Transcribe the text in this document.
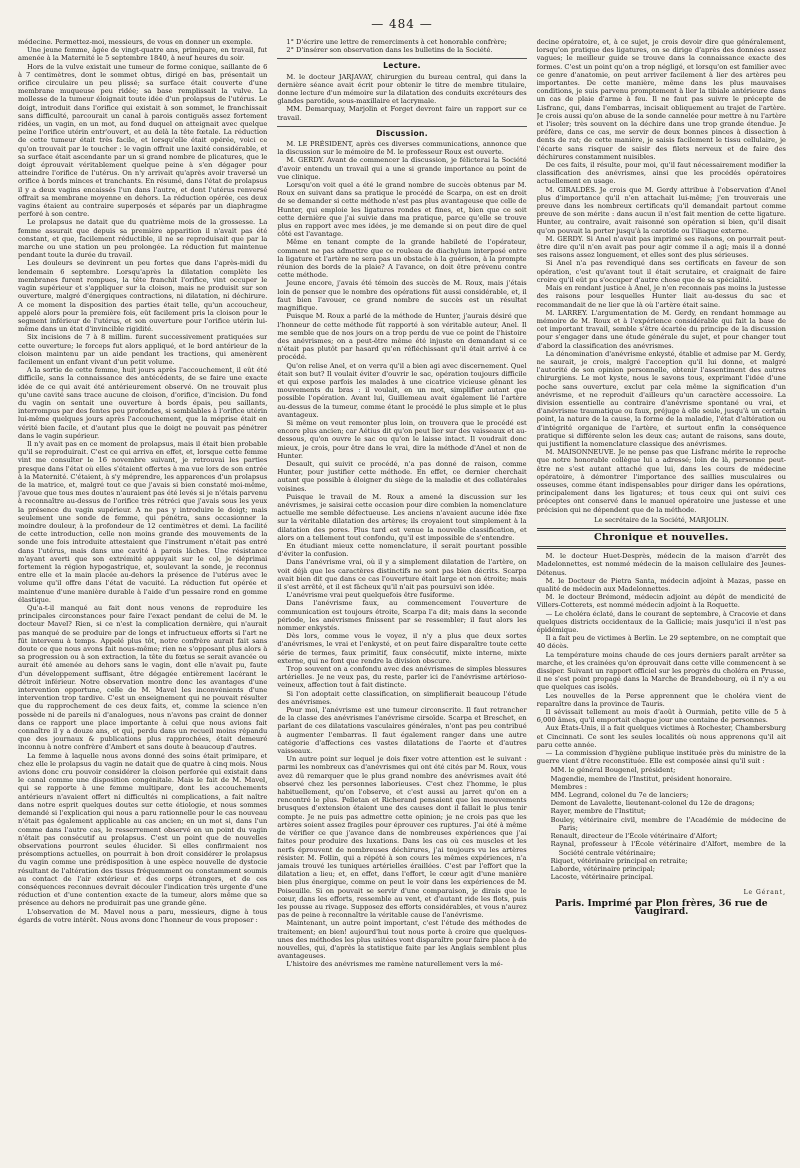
— 484 —

médecine. Permettez-moi, messieurs, de vous en donner un exemple.

Une jeune femme, âgée de vingt-quatre ans, primipare, en travail, fut amenée à la Maternité le 5 septembre 1840, à neuf heures du soir.

Hors de la vulve existait une tumeur de forme conique, saillante de 6 à 7 centimètres, dont le sommet obtus, dirigé en bas, présentait un orifice circulaire un peu plissé; sa surface était couverte d'une membrane muqueuse peu ridée; sa base remplissait la vulve. La mollesse de la tumeur éloignait toute idée d'un prolapsus de l'utérus. Le doigt, introduit dans l'orifice qui existait à son sommet, le franchissait sans difficulté, parcourait un canal à parois contiguës assez fortement ridées, un vagin, en un mot, au fond duquel on atteignait avec quelque peine l'orifice utérin entr'ouvert, et au delà la tête fœtale. La réduction de cette tumeur était très facile, et lorsqu'elle était opérée, voici ce qu'on trouvait par le toucher : le vagin offrait une laxité considérable, et sa surface était ascendante par un si grand nombre de plicatures, que le doigt éprouvait véritablement quelque peine à s'en dégager pour atteindre l'orifice de l'utérus. On n'y arrivait qu'après avoir traversé un orifice à bords minces et tranchants. En résumé, dans l'état de prolapsus il y a deux vagins encaissés l'un dans l'autre, et dont l'utérus renversé offrait sa membrane moyenne en dehors. La réduction opérée, ces deux vagins étaient au contraire superposés et séparés par un diaphragme perforé à son centre.

Le prolapsus ne datait que du quatrième mois de la grossesse. La femme assurait que depuis sa première apparition il n'avait pas été constant, et que, facilement réductible, il ne se reproduisait que par la marche ou une station un peu prolongée. La réduction fut maintenue pendant toute la durée du travail.

Les douleurs se devinrent un peu fortes que dans l'après-midi du lendemain 6 septembre. Lorsqu'après la dilatation complète les membranes furent rompues, la tête franchit l'orifice, vint occuper le vagin supérieur et s'appliquer sur la cloison, mais ne produisit sur son ouverture, malgré d'énergiques contractions, ni dilatation, ni déchirure. A ce moment la disposition des parties était telle, qu'un accoucheur, appelé alors pour la première fois, eût facilement pris la cloison pour le segment inférieur de l'utérus, et son ouverture pour l'orifice utérin lui-même dans un état d'invincible rigidité.

Six incisions de 7 à 8 millim. furent successivement pratiquées sur cette ouverture; le forceps fut alors appliqué, et le bord antérieur de la cloison maintenu par un aide pendant les tractions, qui amenèrent facilement un enfant vivant d'un petit volume.

A la sortie de cette femme, huit jours après l'accouchement, il eût été difficile, sans la connaissance des antécédents, de se faire une exacte idée de ce qui avait été antérieurement observé. On ne trouvait plus qu'une cavité sans trace aucune de cloison, d'orifice, d'incision. Du fond du vagin on sentait une ouverture à bords épais, peu saillants, interrompus par des fentes peu profondes, si semblables à l'orifice utérin lui-même quelques jours après l'accouchement, que la méprise était en vérité bien facile, et d'autant plus que le doigt ne pouvait pas pénétrer dans le vagin supérieur.

Il n'y avait pas en ce moment de prolapsus, mais il était bien probable qu'il se reproduirait. C'est ce qui arriva en effet, et, lorsque cette femme vint me consulter le 16 novembre suivant, je retrouvai les parties presque dans l'état où elles s'étaient offertes à ma vue lors de son entrée à la Maternité. C'étaient, à s'y méprendre, les apparences d'un prolapsus de la matrice, et, malgré tout ce que j'avais si bien constaté moi-même, j'avoue que tous mes doutes n'auraient pas été levés si je n'étais parvenu à reconnaître au-dessus de l'orifice très rétréci que j'avais sous les yeux la présence du vagin supérieur. A ne pas y introduire le doigt; mais seulement une sonde de femme, qui pénétra, sans occasionner la moindre douleur, à la profondeur de 12 centimètres et demi. La facilité de cette introduction, celle non moins grande des mouvements de la sonde une fois introduite attestaient que l'instrument n'était pas entré dans l'utérus, mais dans une cavité à parois lâches. Une résistance m'ayant averti que son extrémité appuyait sur le col, je déprimai fortement la région hypogastrique, et, soulevant la sonde, je reconnus entre elle et la main placée au-dehors la présence de l'utérus avec le volume qu'il offre dans l'état de vacuité. La réduction fut opérée et maintenue d'une manière durable à l'aide d'un pessaire rond en gomme élastique.

Qu'a-t-il manqué au fait dont nous venons de reproduire les principales circonstances pour faire l'exact pendant de celui de M. le docteur Mavel? Rien, si ce n'est la complication dernière, qui n'aurait pas manqué de se produire par de longs et infructueux efforts si l'art ne fût intervenu à temps. Appelé plus tôt, notre confrère aurait fait sans doute ce que nous avons fait nous-même; rien ne s'opposant plus alors à sa progression ou à son extraction, la tête du fœtus se serait avancée ou aurait été amenée au dehors sans le vagin, dont elle n'avait pu, faute d'un développement suffisant, être dégagée entièrement lacérant le détroit inférieur. Notre observation montre donc les avantages d'une intervention opportune, celle de M. Mavel les inconvénients d'une intervention trop tardive. C'est un enseignement qui ne pouvait résulter que du rapprochement de ces deux faits, et, comme la science n'en possède ni de pareils ni d'analogues, nous n'avons pas craint de donner dans ce rapport une place importante à celui que nous avions fait connaître il y a douze ans, et qui, perdu dans un recueil moins répandu que des journaux & publications plus rapprochées, était demeuré inconnu à notre confrère d'Ambert et sans doute à beaucoup d'autres.

La femme à laquelle nous avons donné des soins était primipare, et chez elle le prolapsus du vagin ne datait que de quatre à cinq mois. Nous avions donc cru pouvoir considérer la cloison perforée qui existait dans le canal comme une disposition congénitale. Mais le fait de M. Mavel, qui se rapporte à une femme multipare, dont les accouchements antérieurs n'avaient offert ni difficultés ni complications, a fait naître dans notre esprit quelques doutes sur cette étiologie, et nous sommes demandé si l'explication qui nous a paru rationnelle pour le cas nouveau n'était pas également applicable au cas ancien; en un mot si, dans l'un comme dans l'autre cas, le resserrement observé en un point du vagin n'était pas consécutif au prolapsus. C'est un point que de nouvelles observations pourront seules élucider. Si elles confirmaient nos présomptions actuelles, on pourrait à bon droit considérer le prolapsus du vagin comme une prédisposition à une espèce nouvelle de dystocie résultant de l'altération des tissus fréquemment ou constamment soumis au contact de l'air extérieur et des corps étrangers, et de ces conséquences reconnues devrait découler l'indication très urgente d'une réduction et d'une contention exacte de la tumeur, alors même que sa présence au dehors ne produirait pas une grande gêne.

L'observation de M. Mavel nous a paru, messieurs, digne à tous égards de votre intérêt. Nous avons donc l'honneur de vous proposer :

1° D'écrire une lettre de remerciments à cet honorable confrère;

2° D'insérer son observation dans les bulletins de la Société.

Lecture.

M. le docteur JARJAVAY, chirurgien du bureau central, qui dans la dernière séance avait écrit pour obtenir le titre de membre titulaire, donne lecture d'un mémoire sur la dilatation des conduits excréteurs des glandes parotide, sous-maxillaire et lacrymale.

MM. Demarquay, Marjolin et Forget devront faire un rapport sur ce travail.

Discussion.

M. LE PRÉSIDENT, après ces diverses communications, annonce que la discussion sur le mémoire de M. le professeur Roux est ouverte.

M. GERDY. Avant de commencer la discussion, je félicterai la Société d'avoir entendu un travail qui a une si grande importance au point de vue clinique.

Lorsqu'on voit quel a été le grand nombre de succès obtenus par M. Roux en suivant dans sa pratique le procédé de Scarpa, on est en droit de se demander si cette méthode n'est pas plus avantageuse que celle de Hunter, qui emploie les ligatures rondes et fines, et, bien que ce soit cette dernière que j'ai suivie dans ma pratique, parce qu'elle se trouve plus en rapport avec mes idées, je me demande si on peut dire de quel côté est l'avantage.

Même en tenant compte de la grande habileté de l'opérateur, comment ne pas admettre que ce rouleau de diachylum interposé entre la ligature et l'artère ne sera pas un obstacle à la guérison, à la prompte réunion des bords de la plaie? A l'avance, on doit être prévenu contre cette méthode.

Jeune encore, j'avais été témoin des succès de M. Roux, mais j'étais loin de penser que le nombre des opérations fût aussi considérable, et, il faut bien l'avouer, ce grand nombre de succès est un résultat magnifique.

Puisque M. Roux a parlé de la méthode de Hunter, j'aurais désiré que l'honneur de cette méthode fût rapporté à son véritable auteur, Anel. Il me semble que de nos jours on a trop perdu de vue ce point de l'histoire des anévrismes; on a peut-être même été injuste en demandant si ce n'était pas plutôt par hasard qu'en réfléchissant qu'il était arrivé à ce procédé.

Qu'on relise Anel, et on verra qu'il a bien agi avec discernement. Quel était son but? Il voulait éviter d'ouvrir le sac, opération toujours difficile et qui expose parfois les malades à une cicatrice vicieuse gênant les mouvements du bras : il voulait, en un mot, simplifier autant que possible l'opération. Avant lui, Guillemeau avait également lié l'artère au-dessus de la tumeur, comme étant le procédé le plus simple et le plus avantageux.

Si même on veut remonter plus loin, on trouvera que le procédé est encore plus ancien; car Aétius dit qu'on peut lier sur des vaisseaux et au-dessous, qu'on ouvre le sac ou qu'on le laisse intact. Il voudrait donc mieux, je crois, pour être dans le vrai, dire la méthode d'Anel et non de Hunter.

Desault, qui suivit ce procédé, n'a pas donné de raison, comme Hunter, pour justifier cette méthode. En effet, ce dernier cherchait autant que possible à éloigner du siège de la maladie et des collatérales voisines.

Puisque le travail de M. Roux a amené la discussion sur les anévrismes, je saisirai cette occasion pour dire combien la nomenclature actuelle me semble défectueuse. Les anciens n'avaient aucune idée fixe sur la véritable dilatation des artères; ils croyaient tout simplement à la dilatation des pores. Plus tard est venue la nouvelle classification, et alors on a tellement tout confondu, qu'il est impossible de s'entendre.

En étudiant mieux cette nomenclature, il serait pourtant possible d'éviter la confusion.

Dans l'anévrisme vrai, où il y a simplement dilatation de l'artère, on voit déjà que les caractères distinctifs ne sont pas bien décrits. Scarpa avait bien dit que dans ce cas l'ouverture était large et non étroite; mais il s'est arrêté, et il est fâcheux qu'il n'ait pas poursuivi son idée.

L'anévrisme vrai peut quelquefois être fusiforme.

Dans l'anévrisme faux, au commencement l'ouverture de communication est toujours étroite, Scarpa l'a dit; mais dans la seconde période, les anévrismes finissent par se ressembler; il faut alors les nommer enkystés.

Dès lors, comme vous le voyez, il n'y a plus que deux sortes d'anévrismes, le vrai et l'enkysté, et on peut faire disparaître toute cette série de termes, faux primitif, faux consécutif, mixte interne, mixte externe, qui ne font que rendre la division obscure.

Trop souvent on a confondu avec des anévrismes de simples blessures artérielles. Je ne veux pas, du reste, parler ici de l'anévrisme artérioso-veineux, affection tout à fait distincte.

Si l'on adoptait cette classification, on simplifierait beaucoup l'étude des anévrismes.

Pour moi, l'anévrisme est une tumeur circonscrite. Il faut retrancher de la classe des anévrismes l'anévrisme cirsoïde. Scarpa et Breschet, en parlant de ces dilatations vasculaires générales, n'ont pas peu contribué à augmenter l'embarras. Il faut également ranger dans une autre catégorie d'affections ces vastes dilatations de l'aorte et d'autres vaisseaux.

Un autre point sur lequel je dois fixer votre attention est le suivant : parmi les nombreux cas d'anévrismes qui ont été cités par M. Roux, vous avez dû remarquer que le plus grand nombre des anévrismes avait été observé chez les personnes laborieuses. C'est chez l'homme, le plus habituellement, qu'on l'observe, et c'est aussi au jarret qu'on en a rencontré le plus. Pelletan et Richerand pensaient que les mouvements brusques d'extension étaient une des causes dont il fallait le plus tenir compte. Je ne puis pas admettre cette opinion; je ne crois pas que les artères soient assez fragiles pour éprouver ces ruptures. J'ai été à même de vérifier ce que j'avance dans de nombreuses expériences que j'ai faites pour produire des luxations. Dans les cas où ces muscles et les nerfs éprouvent de nombreuses déchirures, j'ai toujours vu les artères résister. M. Follin, qui a répété à son cours les mêmes expériences, n'a jamais trouvé les tuniques artérielles éraillées. C'est par l'effort que la dilatation a lieu; et, en effet, dans l'effort, le cœur agit d'une manière bien plus énergique, comme on peut le voir dans les expériences de M. Poiseuille. Si on pouvait se servir d'une comparaison, je dirais que le cœur, dans les efforts, ressemble au vent, et d'autant ride les flots, puis les pousse au rivage. Supposez des efforts considérables, et vous n'aurez pas de peine à reconnaître la véritable cause de l'anévrisme.

Maintenant, un autre point important, c'est l'étude des méthodes de traitement; en bien! aujourd'hui tout nous porte à croire que quelques-unes des méthodes les plus usitées vont disparaître pour faire place à de nouvelles, qui, d'après la statistique faite par les Anglais semblent plus avantageuses.

L'histoire des anévrismes me ramène naturellement vers la mé-

decine opératoire, et, à ce sujet, je crois devoir dire que généralement, lorsqu'on pratique des ligatures, on se dirige d'après des données assez vagues; le meilleur guide se trouve dans la connaissance exacte des formes. C'est un point qu'on a trop négligé, et lorsqu'on est familier avec ce genre d'anatomie, on peut arriver facilement à lier des artères peu importantes. De cette manière, même dans les plus mauvaises conditions, je suis parvenu promptement à lier la tibiale antérieure dans un cas de plaie d'arme à feu. Il ne faut pas suivre le précepte de Lisfranc, qui, dans l'embarras, incisait obliquement au trajet de l'artère. Je crois aussi qu'on abuse de la sonde cannelée pour mettre à nu l'artère et l'isoler; très souvent on la déchire dans une trop grande étendue. Je préfère, dans ce cas, me servir de deux bonnes pinces à dissection à dents de rat; de cette manière, je saisis facilement le tissu cellulaire, je l'écarte sans risquer de saisir des filets nerveux et de faire des déchirures constamment nuisibles.

De ces faits, il résulte, pour moi, qu'il faut nécessairement modifier la classification des anévrismes, ainsi que les procédés opératoires actuellement en usage.

M. GIRALDÈS. Je crois que M. Gerdy attribue à l'observation d'Anel plus d'importance qu'il n'en attachait lui-même; j'en trouverais une preuve dans les nombreux certificats qu'il demandait partout comme preuve de son mérite : dans aucun il n'est fait mention de cette ligature. Hunter, au contraire, avait raisonné son opération si bien, qu'il disait qu'on pouvait la porter jusqu'à la carotide ou l'iliaque externe.

M. GERDY. Si Anel n'avait pas imprimé ses raisons, on pourrait peut-être dire qu'il n'en avait pas pour agir comme il a agi; mais il a donné ses raisons assez longuement, et elles sont des plus sérieuses.

Si Anel n'a pas revendiqué dans ses certificats en faveur de son opération, c'est qu'avant tout il était scrutaire, et craignait de faire croire qu'il eût pu s'occuper d'autre chose que de sa spécialité.

Mais en rendant justice à Anel, je n'en reconnais pas moins la justesse des raisons pour lesquelles Hunter liait au-dessus du sac et recommandait de ne lier que là où l'artère était saine.

M. LARREY. L'argumentation de M. Gerdy, en rendant hommage au mémoire de M. Roux et à l'expérience considérable qui fait la base de cet important travail, semble s'être écartée du principe de la discussion pour s'engager dans une étude générale du sujet, et pour changer tout d'abord la classification des anévrismes.

La dénomination d'anévrisme enkysté, établie et admise par M. Gerdy, ne saurait, je crois, malgré l'acception qu'il lui donne, et malgré l'autorité de son opinion personnelle, obtenir l'assentiment des autres chirurgiens. Le mot kyste, nous le savons tous, exprimant l'idée d'une poche sans ouverture, exclut par cela même la signification d'un anévrisme, et ne reproduit d'ailleurs qu'un caractère accessoire. La division essentielle au contraire d'anévrisme spontané ou vrai, et d'anévrisme traumatique ou faux, préjuge à elle seule, jusqu'à un certain point, la nature de la cause, la forme de la maladie, l'état d'altération ou d'intégrité organique de l'artère, et surtout enfin la conséquence pratique si différente selon les deux cas; autant de raisons, sans doute, qui justifient la nomenclature classique des anévrismes.

M. MAISONNEUVE. Je ne pense pas que Lisfranc mérite le reproche que notre honorable collègue lui a adressé; loin de là, personne peut-être ne s'est autant attaché que lui, dans les cours de médecine opératoire, à démontrer l'importance des saillies musculaires ou osseuses, comme étant indispensables pour diriger dans les opérations, principalement dans les ligatures; et tous ceux qui ont suivi ces préceptes ont conservé dans le manuel opératoire une justesse et une précision qui ne dépendent que de la méthode.

Le secrétaire de la Société, MARJOLIN.
Chronique et nouvelles.

M. le docteur Huet-Desprès, médecin de la maison d'arrêt des Madelonnettes, est nommé médecin de la maison cellulaire des Jeunes-Détenus.

M. le Docteur de Pietra Santa, médecin adjoint à Mazas, passe en qualité de médecin aux Madelonnettes.

M. le docteur Brémond, médecin adjoint au dépôt de mendicité de Villers-Cotterets, est nommé médecin adjoint à la Roquette.

— Le choléra éclaté, dans le courant de septembre, à Cracovie et dans quelques districts occidentaux de la Gallicie; mais jusqu'ici il n'est pas épidémique.

Il a fait peu de victimes à Berlin. Le 29 septembre, on ne comptait que 40 décès.

La température moins chaude de ces jours derniers paraît arrêter sa marche, et les crainées qu'on éprouvait dans cette ville commencent à se dissiper. Suivant un rapport officiel sur les progrès du choléra en Prusse, il ne s'est point propagé dans la Marche de Brandebourg, où il n'y a eu que quelques cas isolés.

Les nouvelles de la Perse apprennent que le choléra vient de reparaître dans la province de Tauris.

Il sévissait tellement au mois d'août à Ourmiah, petite ville de 5 à 6,000 âmes, qu'il emportait chaque jour une centaine de personnes.

Aux États-Unis, il a fait quelques victimes à Rochester, Chambersburg et Cincinnati. Ce sont les seules localités où nous apprenons qu'il ait paru cette année.

— La commission d'hygiène publique instituée près du ministre de la guerre vient d'être reconstituée. Elle est composée ainsi qu'il suit :

MM. le général Bougenel, président;
Magendie, membre de l'Institut, président honoraire.
Membres :
MM. Legrand, colonel du 7e de lanciers;
Demont de Lavalette, lieutenant-colonel du 12e de dragons;
Rayer, membre de l'Institut;
Bouley, vétérinaire civil, membre de l'Académie de médecine de Paris;
Renault, directeur de l'École vétérinaire d'Alfort;
Raynal, professeur à l'École vétérinaire d'Alfort, membre de la Société centrale vétérinaire;
Riquet, vétérinaire principal en retraite;
Laborde, vétérinaire principal;
Lacoste, vétérinaire principal.
Le Gérant,
Paris. Imprimé par Plon frères, 36 rue de Vaugirard.
